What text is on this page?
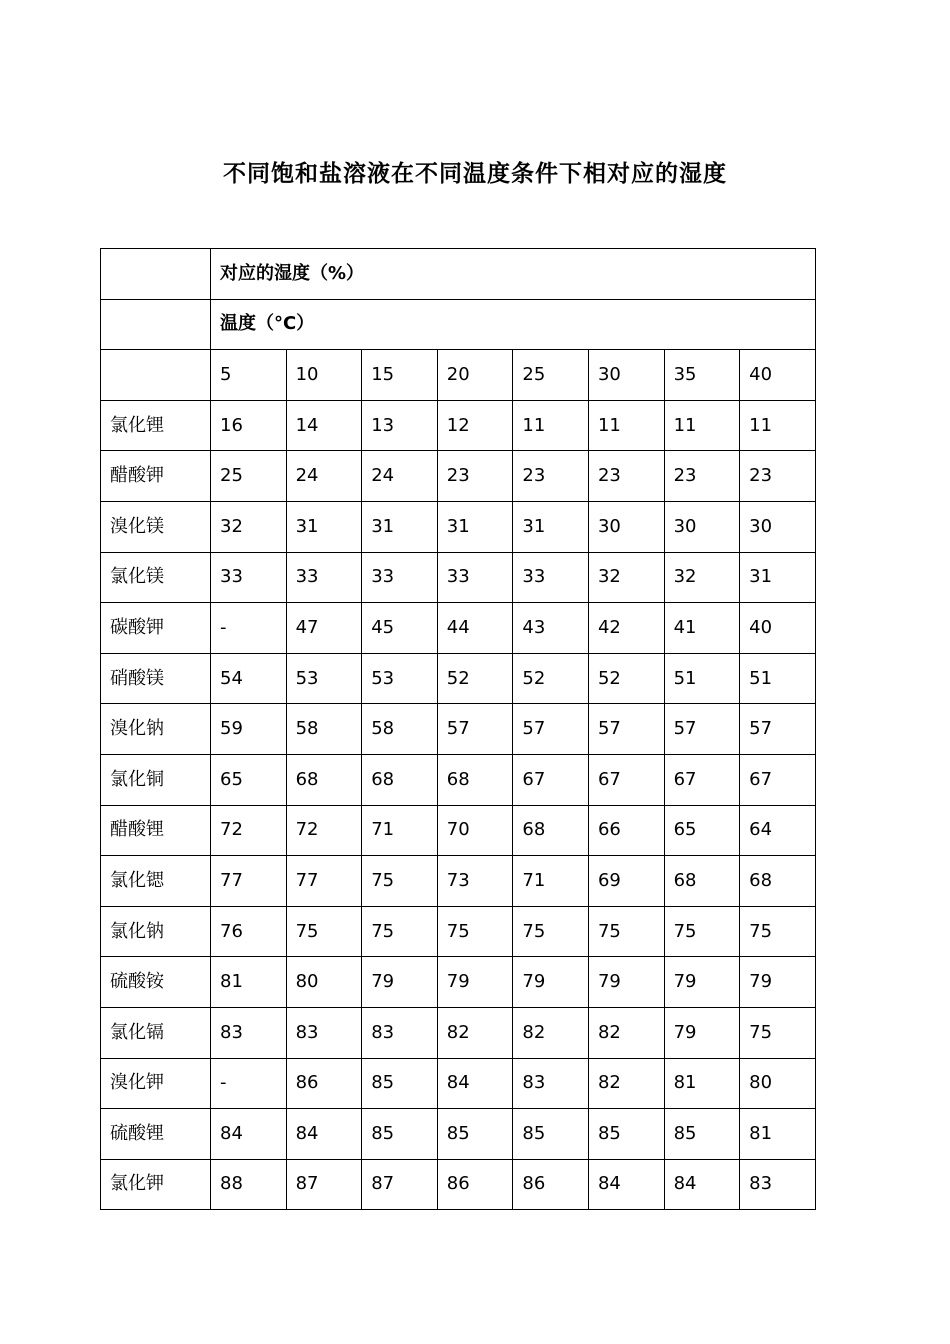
不同饱和盐溶液在不同温度条件下相对应的湿度
	对应的湿度（%）							
	温度（°C）							
	5	10	15	20	25	30	35	40
氯化锂	16	14	13	12	11	11	11	11
醋酸钾	25	24	24	23	23	23	23	23
溴化镁	32	31	31	31	31	30	30	30
氯化镁	33	33	33	33	33	32	32	31
碳酸钾	-	47	45	44	43	42	41	40
硝酸镁	54	53	53	52	52	52	51	51
溴化钠	59	58	58	57	57	57	57	57
氯化铜	65	68	68	68	67	67	67	67
醋酸锂	72	72	71	70	68	66	65	64
氯化锶	77	77	75	73	71	69	68	68
氯化钠	76	75	75	75	75	75	75	75
硫酸铵	81	80	79	79	79	79	79	79
氯化镉	83	83	83	82	82	82	79	75
溴化钾	-	86	85	84	83	82	81	80
硫酸锂	84	84	85	85	85	85	85	81
氯化钾	88	87	87	86	86	84	84	83
